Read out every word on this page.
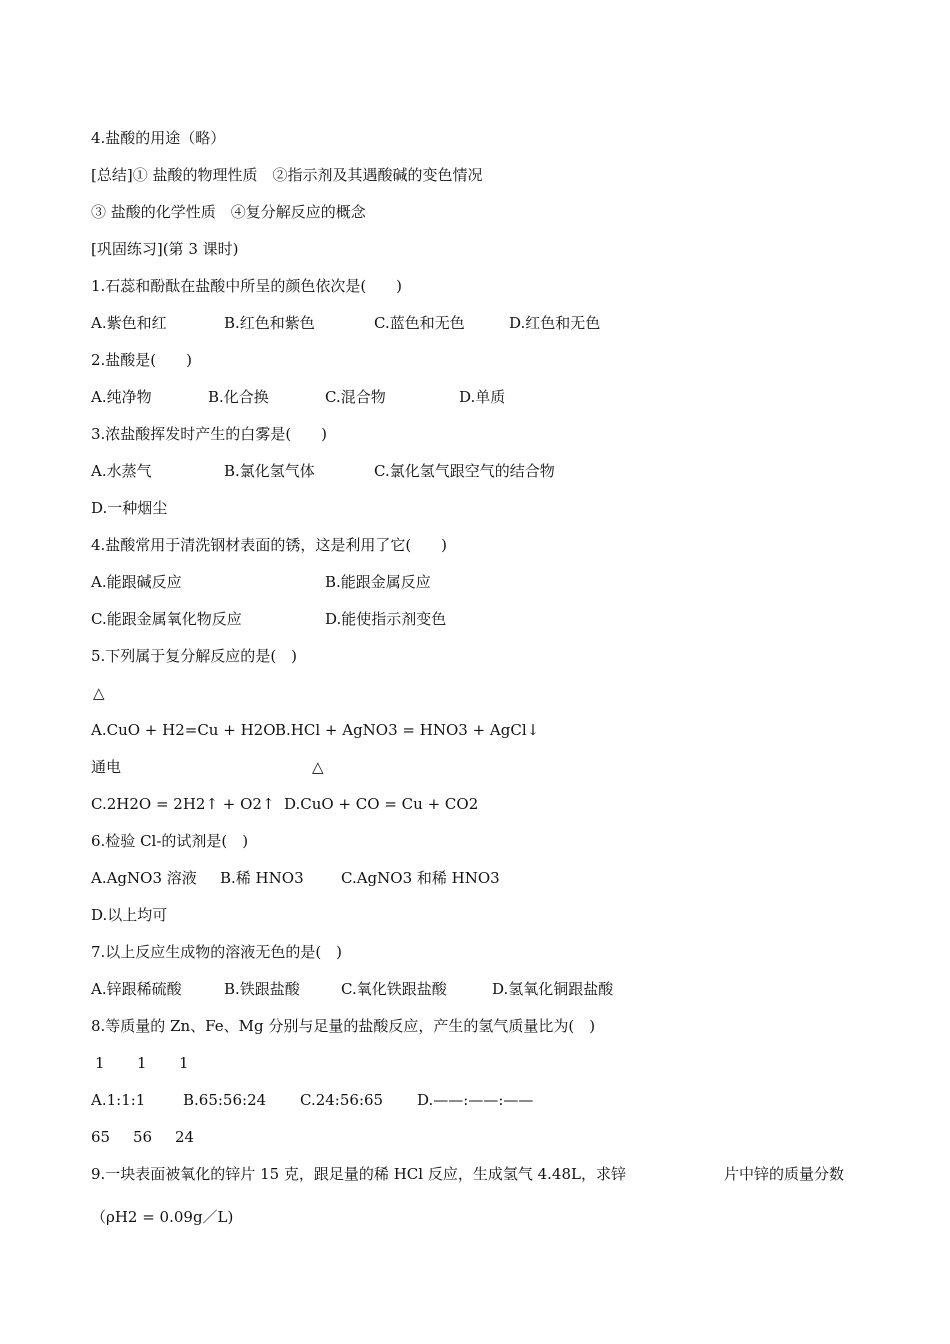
4.盐酸的用途（略）
[总结]① 盐酸的物理性质　②指示剂及其遇酸碱的变色情况
③ 盐酸的化学性质　④复分解反应的概念
[巩固练习](第 3 课时)
1.石蕊和酚酞在盐酸中所呈的颜色依次是(　　)
A.紫色和红	B.红色和紫色	C.蓝色和无色	D.红色和无色
2.盐酸是(　　)
A.纯净物	B.化合换	C.混合物	D.单质
3.浓盐酸挥发时产生的白雾是(　　)
A.水蒸气	B.氯化氢气体	C.氯化氢气跟空气的结合物
D.一种烟尘
4.盐酸常用于清洗钢材表面的锈，这是利用了它(　　)
A.能跟碱反应	B.能跟金属反应
C.能跟金属氧化物反应	D.能使指示剂变色
5.下列属于复分解反应的是(　)
△
A.CuO + H2=Cu + H2O B.HCl + AgNO3 = HNO3 + AgCl↓
通电	△
C.2H2O = 2H2↑ + O2↑ D.CuO + CO = Cu + CO2
6.检验 Cl-的试剂是(　)
A.AgNO3 溶液 B.稀 HNO3 C.AgNO3 和稀 HNO3
D.以上均可
7.以上反应生成物的溶液无色的是(　)
A.锌跟稀硫酸	B.铁跟盐酸	C.氧化铁跟盐酸	D.氢氧化铜跟盐酸
8.等质量的 Zn、Fe、Mg 分别与足量的盐酸反应，产生的氢气质量比为(　)
1 1 1
A.1:1:1	B.65:56:24 C.24:56:65 D.——:——:——
65 56 24
9.一块表面被氧化的锌片 15 克，跟足量的稀 HCl 反应，生成氢气 4.48L，求锌	片中锌的质量分数
（ρH2 = 0.09g／L)
